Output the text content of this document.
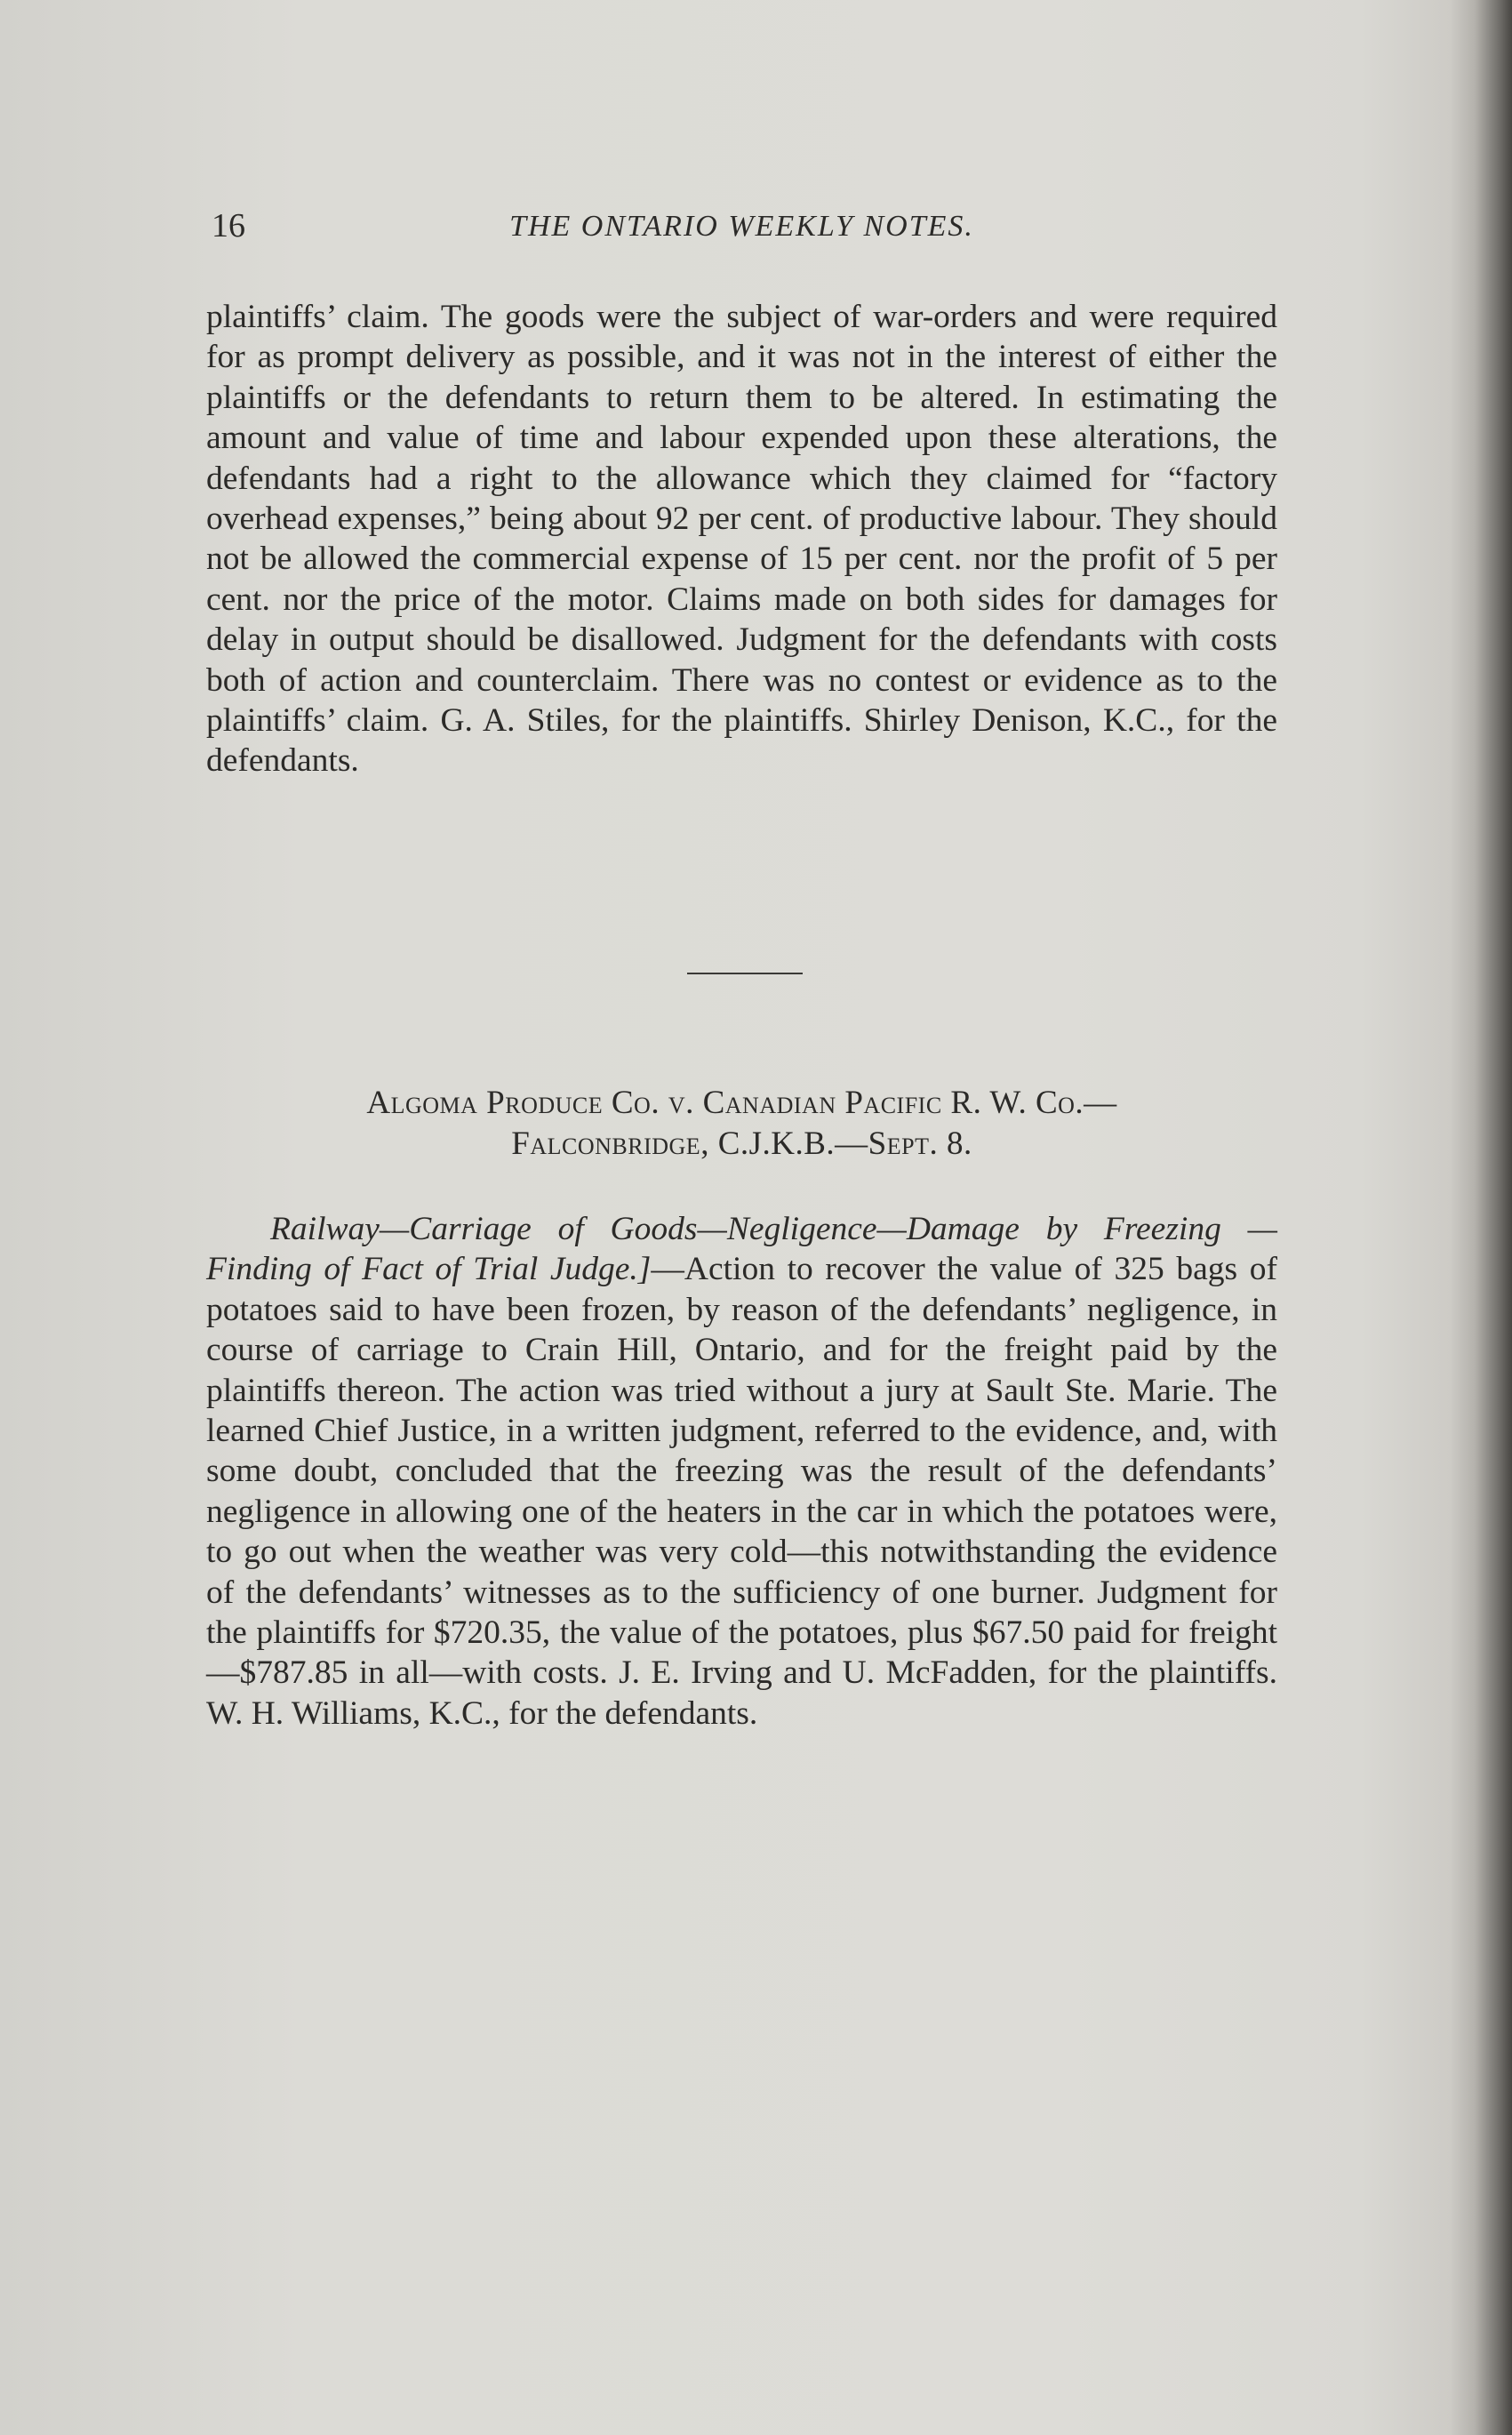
16	THE ONTARIO WEEKLY NOTES.

plaintiffs’ claim. The goods were the subject of war-orders and were required for as prompt delivery as possible, and it was not in the interest of either the plaintiffs or the defendants to return them to be altered. In estimating the amount and value of time and labour expended upon these alterations, the defendants had a right to the allowance which they claimed for “factory overhead expenses,” being about 92 per cent. of productive labour. They should not be allowed the commercial expense of 15 per cent. nor the profit of 5 per cent. nor the price of the motor. Claims made on both sides for damages for delay in output should be disallowed. Judgment for the defendants with costs both of action and counterclaim. There was no contest or evidence as to the plaintiffs’ claim. G. A. Stiles, for the plaintiffs. Shirley Denison, K.C., for the defendants.

Algoma Produce Co. v. Canadian Pacific R. W. Co.—
Falconbridge, C.J.K.B.—Sept. 8.

Railway—Carriage of Goods—Negligence—Damage by Freezing —Finding of Fact of Trial Judge.]—Action to recover the value of 325 bags of potatoes said to have been frozen, by reason of the defendants’ negligence, in course of carriage to Crain Hill, Ontario, and for the freight paid by the plaintiffs thereon. The action was tried without a jury at Sault Ste. Marie. The learned Chief Justice, in a written judgment, referred to the evidence, and, with some doubt, concluded that the freezing was the result of the defendants’ negligence in allowing one of the heaters in the car in which the potatoes were, to go out when the weather was very cold—this notwithstanding the evidence of the defendants’ witnesses as to the sufficiency of one burner. Judgment for the plaintiffs for $720.35, the value of the potatoes, plus $67.50 paid for freight—$787.85 in all—with costs. J. E. Irving and U. McFadden, for the plaintiffs. W. H. Williams, K.C., for the defendants.
